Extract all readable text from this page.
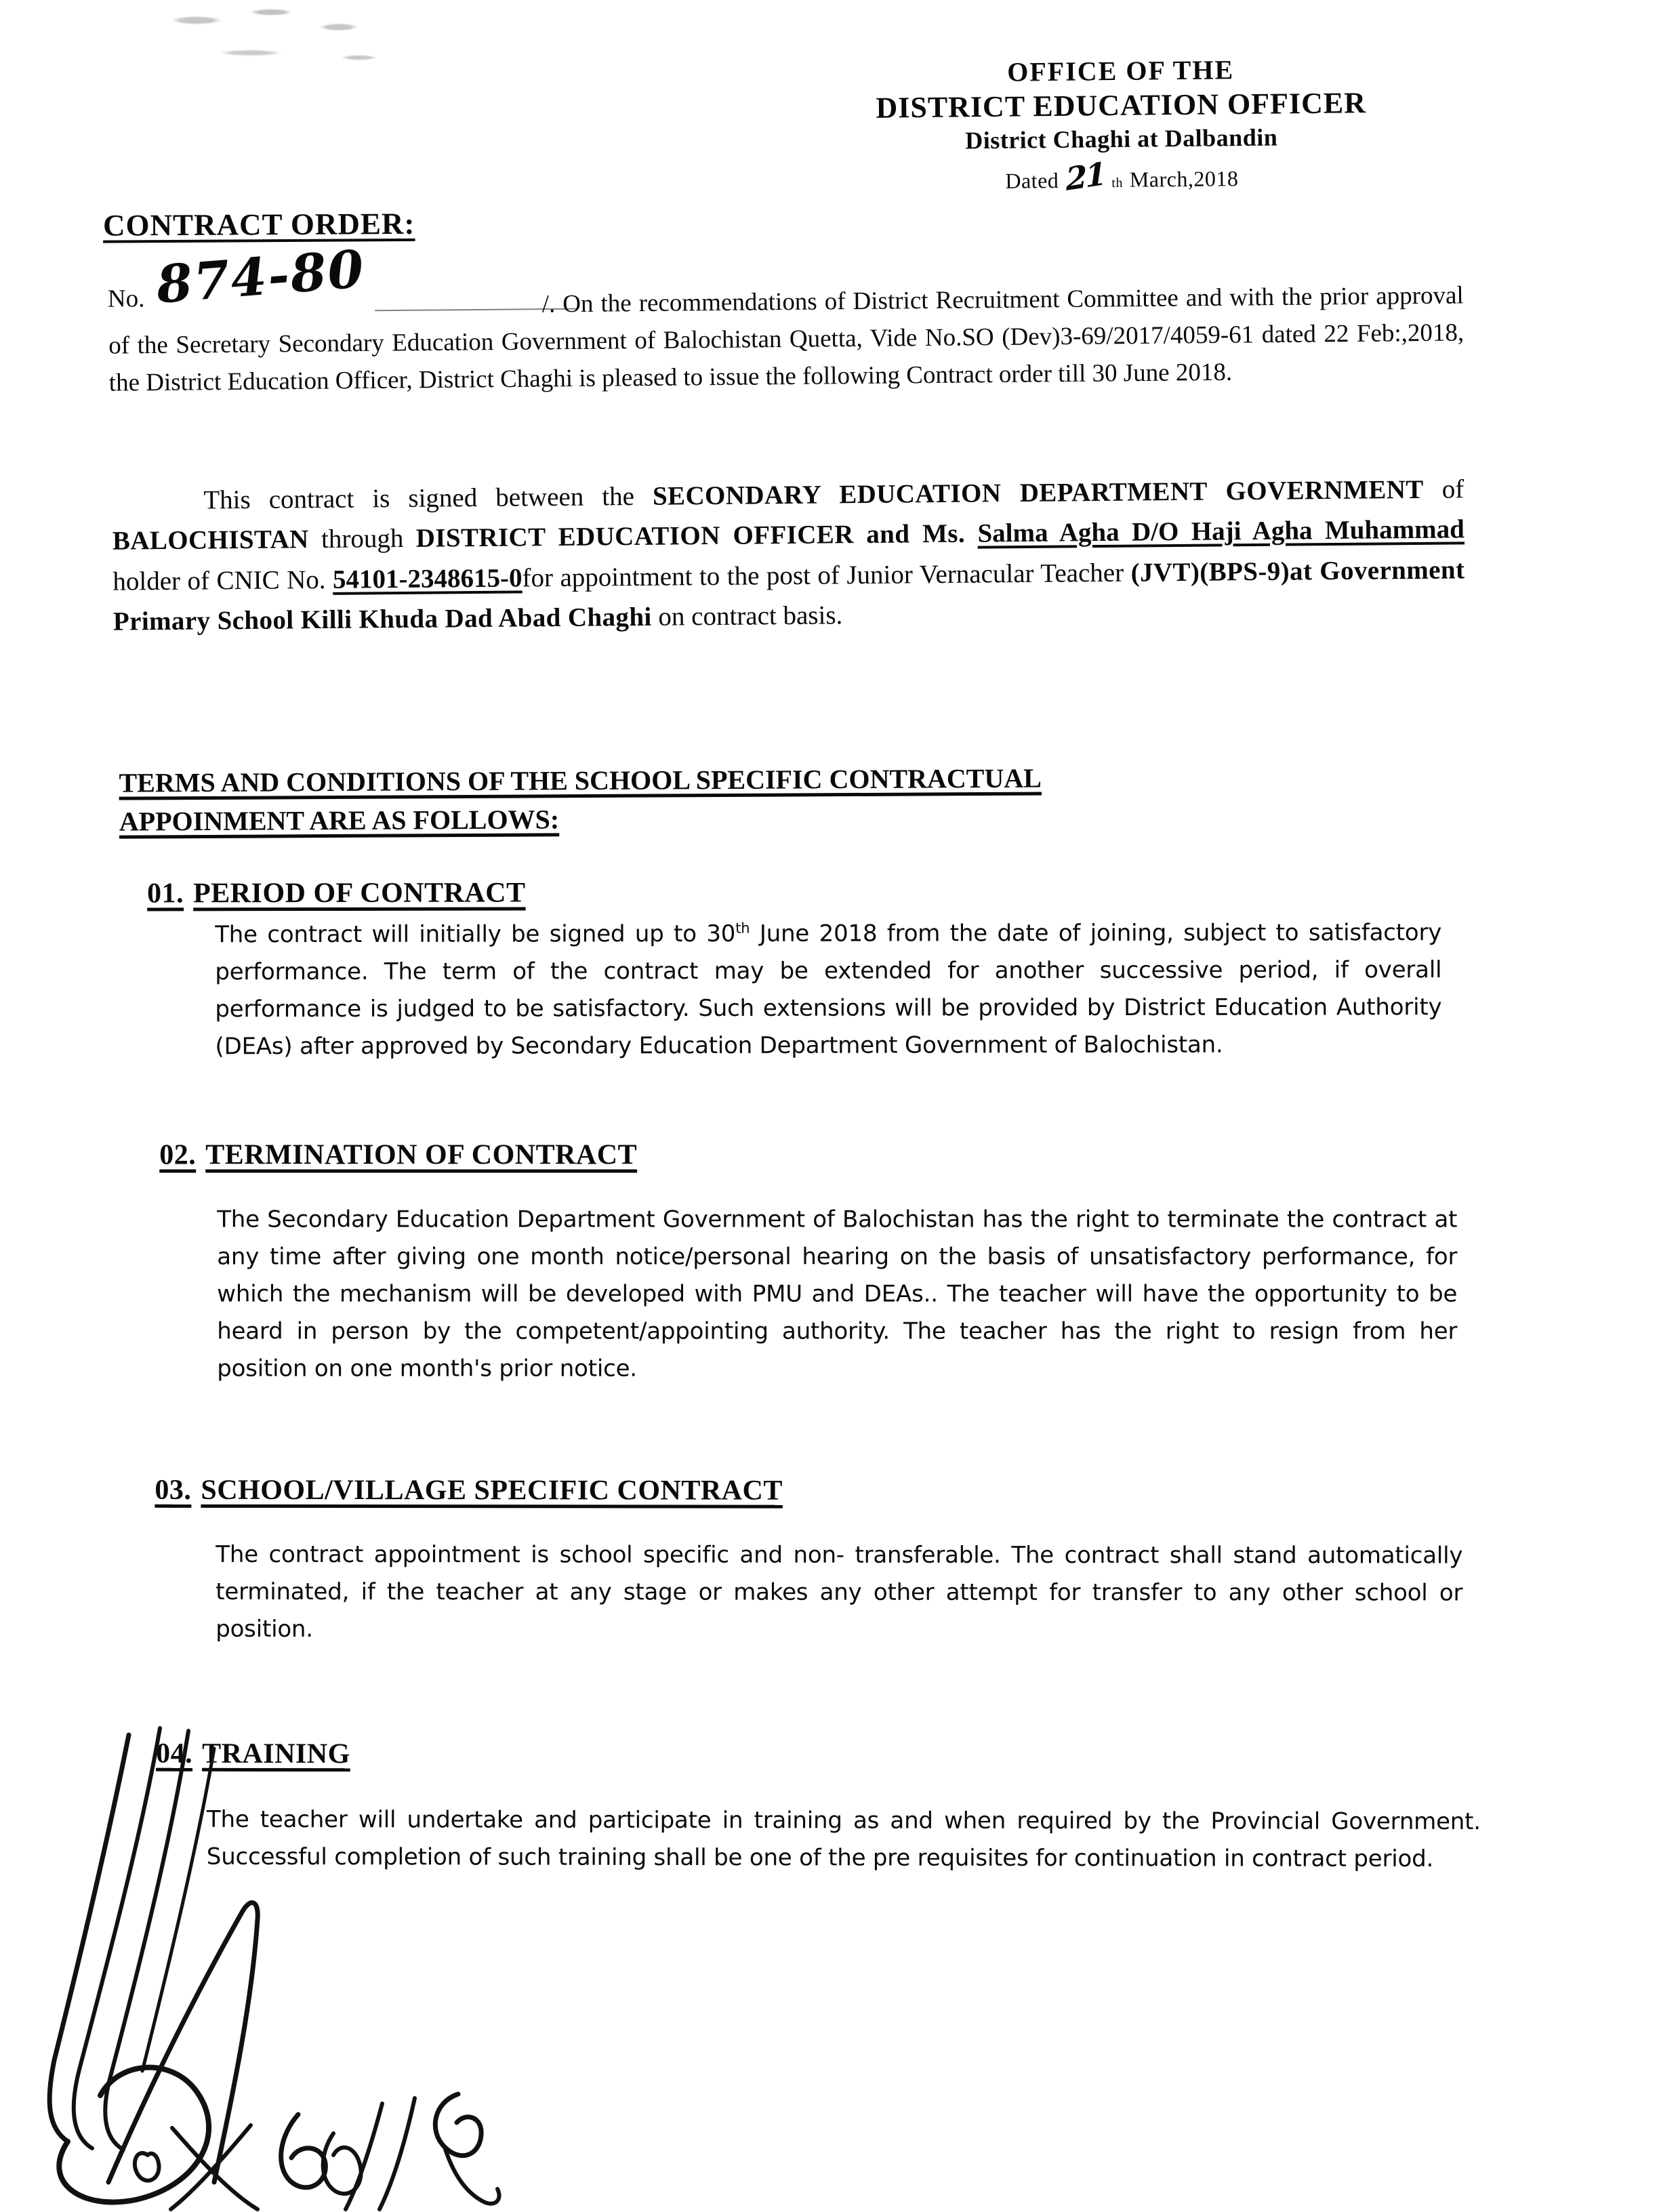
OFFICE OF THE
DISTRICT EDUCATION OFFICER
District Chaghi at Dalbandin
Dated 21 th March,2018
CONTRACT ORDER:
No. 874-80	/. On the recommendations of District Recruitment Committee and with the prior approval of the Secretary Secondary Education Government of Balochistan Quetta, Vide No.SO (Dev)3-69/2017/4059-61 dated 22 Feb:,2018, the District Education Officer, District Chaghi is pleased to issue the following Contract order till 30 June 2018.
This contract is signed between the SECONDARY EDUCATION DEPARTMENT GOVERNMENT of BALOCHISTAN through DISTRICT EDUCATION OFFICER and Ms. Salma Agha D/O Haji Agha Muhammad holder of CNIC No. 54101-2348615-0for appointment to the post of Junior Vernacular Teacher (JVT)(BPS-9)at Government Primary School Killi Khuda Dad Abad Chaghi on contract basis.
TERMS AND CONDITIONS OF THE SCHOOL SPECIFIC CONTRACTUAL
APPOINMENT ARE AS FOLLOWS:
01. PERIOD OF CONTRACT
The contract will initially be signed up to 30th June 2018 from the date of joining, subject to satisfactory performance. The term of the contract may be extended for another successive period, if overall performance is judged to be satisfactory. Such extensions will be provided by District Education Authority (DEAs) after approved by Secondary Education Department Government of Balochistan.
02. TERMINATION OF CONTRACT
The Secondary Education Department Government of Balochistan has the right to terminate the contract at any time after giving one month notice/personal hearing on the basis of unsatisfactory performance, for which the mechanism will be developed with PMU and DEAs.. The teacher will have the opportunity to be heard in person by the competent/appointing authority. The teacher has the right to resign from her position on one month's prior notice.
03. SCHOOL/VILLAGE SPECIFIC CONTRACT
The contract appointment is school specific and non- transferable. The contract shall stand automatically terminated, if the teacher at any stage or makes any other attempt for transfer to any other school or position.
04. TRAINING
The teacher will undertake and participate in training as and when required by the Provincial Government. Successful completion of such training shall be one of the pre requisites for continuation in contract period.
